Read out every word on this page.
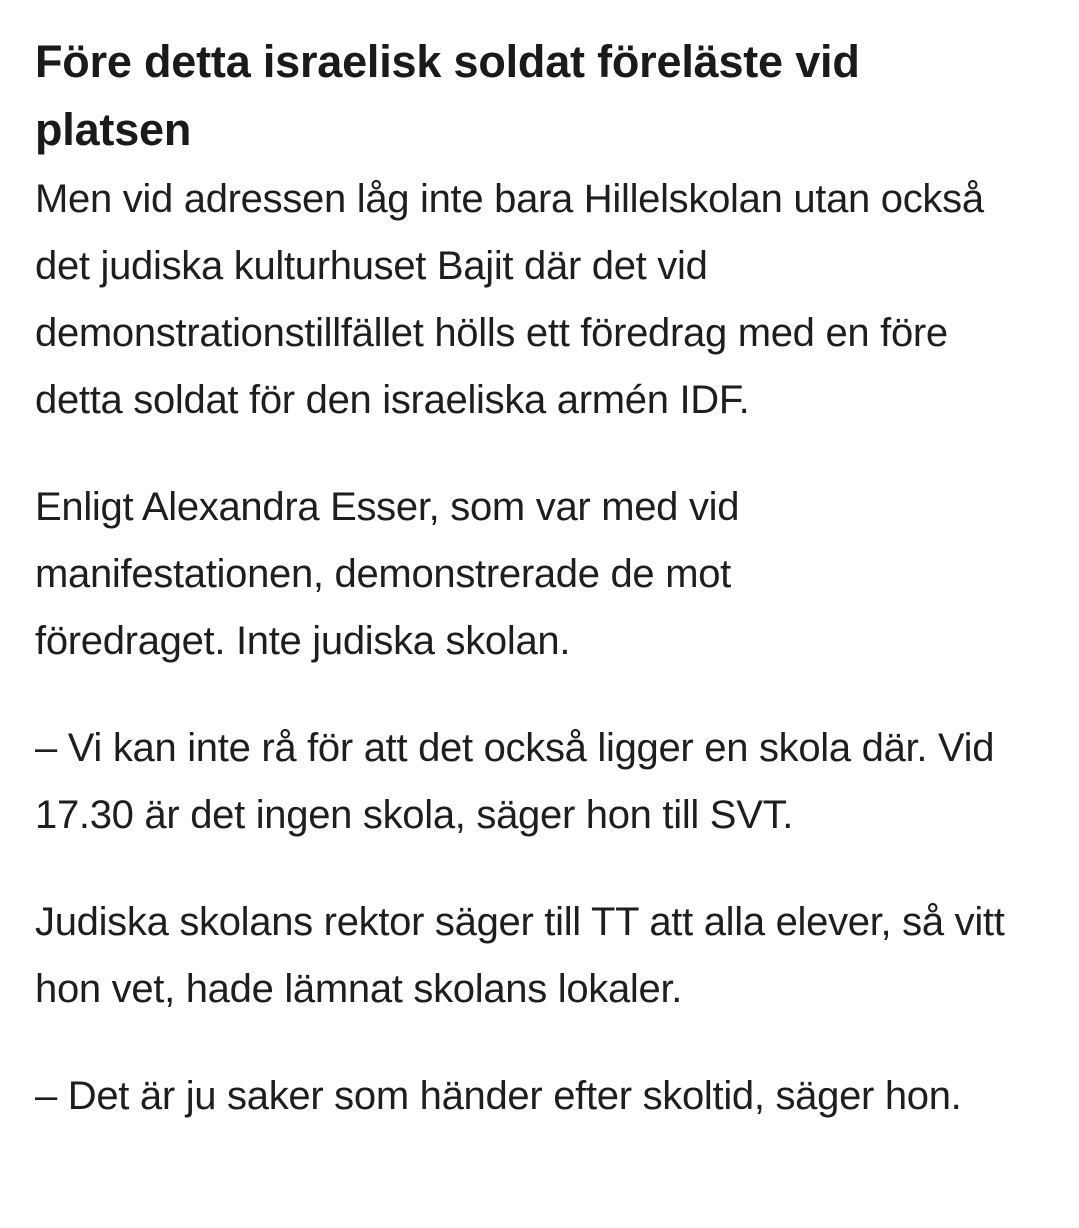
Före detta israelisk soldat föreläste vid platsen

Men vid adressen låg inte bara Hillelskolan utan också det judiska kulturhuset Bajit där det vid demonstrationstillfället hölls ett föredrag med en före detta soldat för den israeliska armén IDF.

Enligt Alexandra Esser, som var med vid manifestationen, demonstrerade de mot föredraget. Inte judiska skolan.

– Vi kan inte rå för att det också ligger en skola där. Vid 17.30 är det ingen skola, säger hon till SVT.

Judiska skolans rektor säger till TT att alla elever, så vitt hon vet, hade lämnat skolans lokaler.

– Det är ju saker som händer efter skoltid, säger hon.
